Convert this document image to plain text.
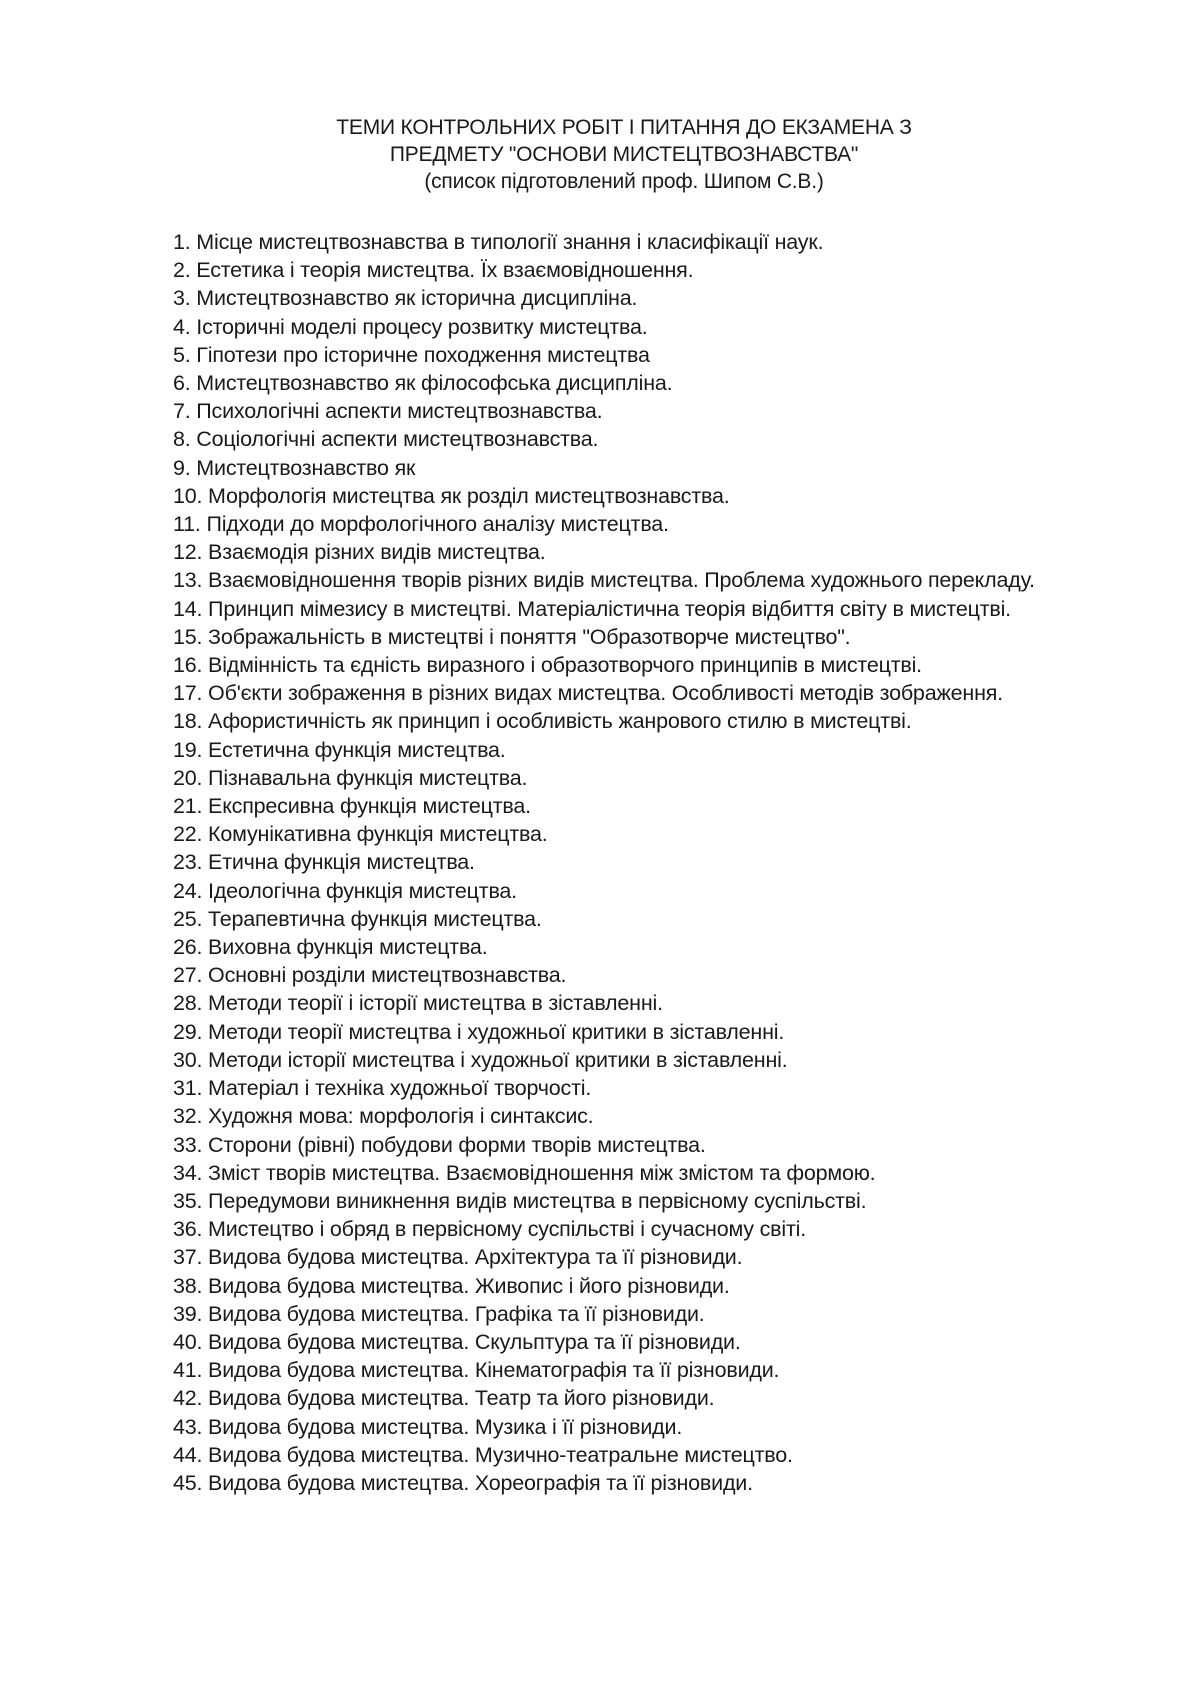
ТЕМИ КОНТРОЛЬНИХ РОБІТ І ПИТАННЯ ДО ЕКЗАМЕНА З
ПРЕДМЕТУ "ОСНОВИ МИСТЕЦТВОЗНАВСТВА"
(список підготовлений проф. Шипом С.В.)
1. Місце мистецтвознавства в типології знання і класифікації наук.
2. Естетика і теорія мистецтва. Їх взаємовідношення.
3. Мистецтвознавство як історична дисципліна.
4. Історичні моделі процесу розвитку мистецтва.
5. Гіпотези про історичне походження мистецтва
6. Мистецтвознавство як філософська дисципліна.
7. Психологічні аспекти мистецтвознавства.
8. Соціологічні аспекти мистецтвознавства.
9. Мистецтвознавство як
10. Морфологія мистецтва як розділ мистецтвознавства.
11. Підходи до морфологічного аналізу мистецтва.
12. Взаємодія різних видів мистецтва.
13. Взаємовідношення творів різних видів мистецтва. Проблема художнього перекладу.
14. Принцип мімезису в мистецтві. Матеріалістична теорія відбиття світу в мистецтві.
15. Зображальність в мистецтві і поняття "Образотворче мистецтво".
16. Відмінність та єдність виразного і образотворчого принципів в мистецтві.
17. Об'єкти зображення в різних видах мистецтва. Особливості методів зображення.
18. Афористичність як принцип і особливість жанрового стилю в мистецтві.
19. Естетична функція мистецтва.
20. Пізнавальна функція мистецтва.
21. Експресивна функція мистецтва.
22. Комунікативна функція мистецтва.
23. Етична функція мистецтва.
24. Ідеологічна функція мистецтва.
25. Терапевтична функція мистецтва.
26. Виховна функція мистецтва.
27. Основні розділи мистецтвознавства.
28. Методи теорії і історії мистецтва в зіставленні.
29. Методи теорії мистецтва і художньої критики в зіставленні.
30. Методи історії мистецтва і художньої критики в зіставленні.
31. Матеріал і техніка художньої творчості.
32. Художня мова: морфологія і синтаксис.
33. Сторони (рівні) побудови форми творів мистецтва.
34. Зміст творів мистецтва. Взаємовідношення між змістом та формою.
35. Передумови виникнення видів мистецтва в первісному суспільстві.
36. Мистецтво і обряд в первісному суспільстві і сучасному світі.
37. Видова будова мистецтва. Архітектура та її різновиди.
38. Видова будова мистецтва. Живопис і його різновиди.
39. Видова будова мистецтва. Графіка та її різновиди.
40. Видова будова мистецтва. Скульптура та її різновиди.
41. Видова будова мистецтва. Кінематографія та її різновиди.
42. Видова будова мистецтва. Театр та його різновиди.
43. Видова будова мистецтва. Музика і її різновиди.
44. Видова будова мистецтва. Музично-театральне мистецтво.
45. Видова будова мистецтва. Хореографія та її різновиди.
